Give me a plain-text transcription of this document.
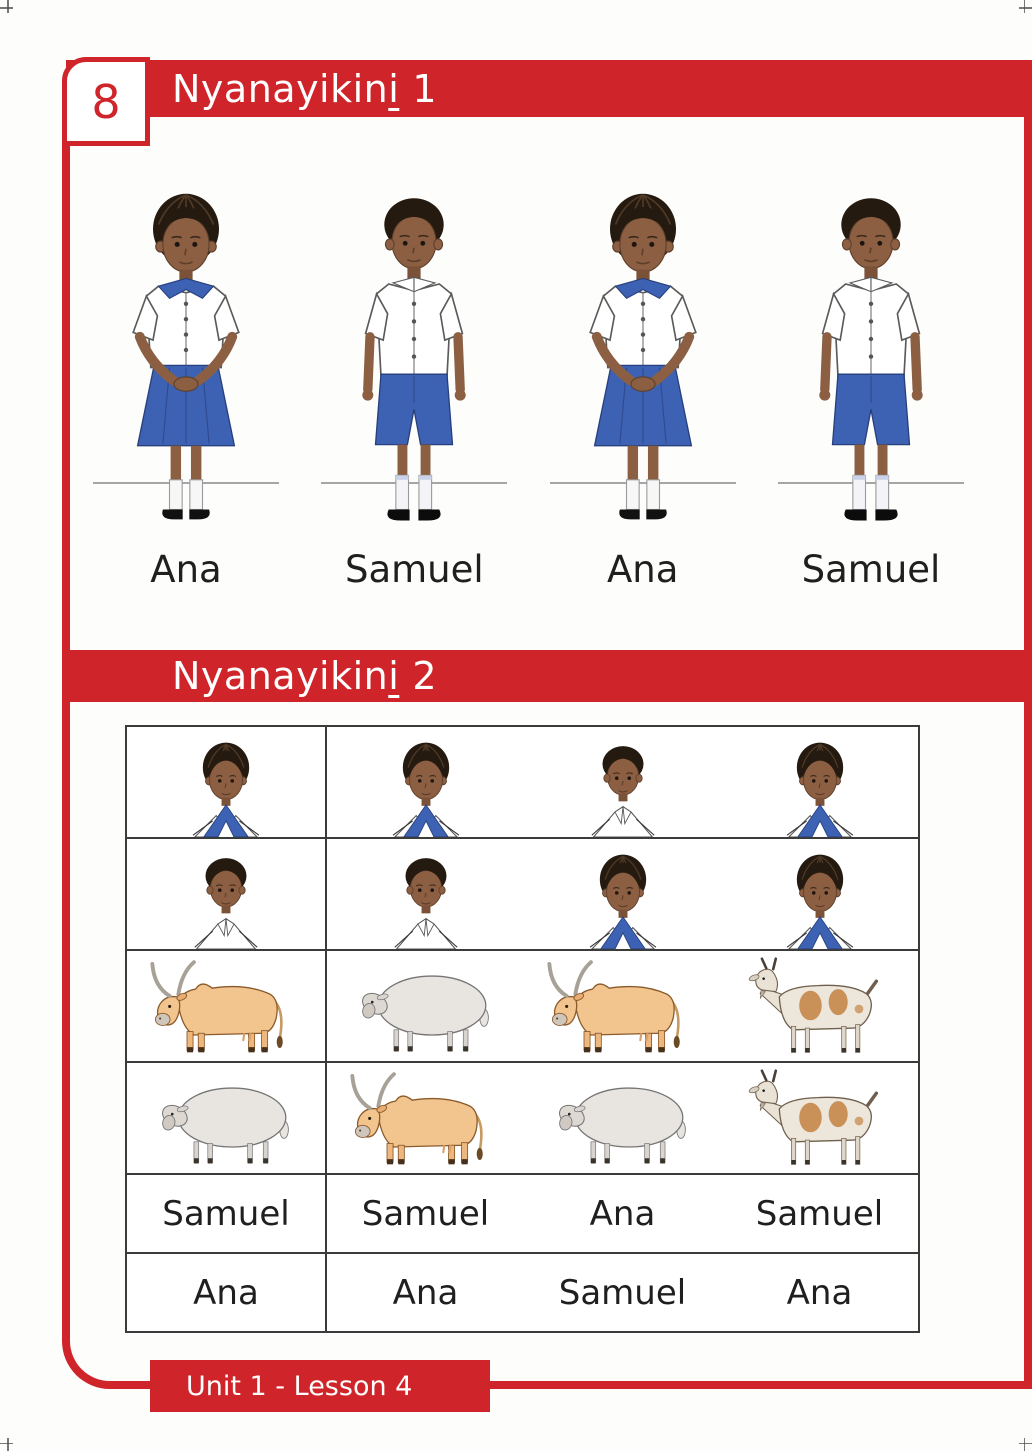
8 Nyanayikini 1
Ana	Samuel	Ana	Samuel
Nyanayikini 2
Samuel	Samuel	Ana	Samuel
Ana	Ana	Samuel	Ana
Unit 1 - Lesson 4
